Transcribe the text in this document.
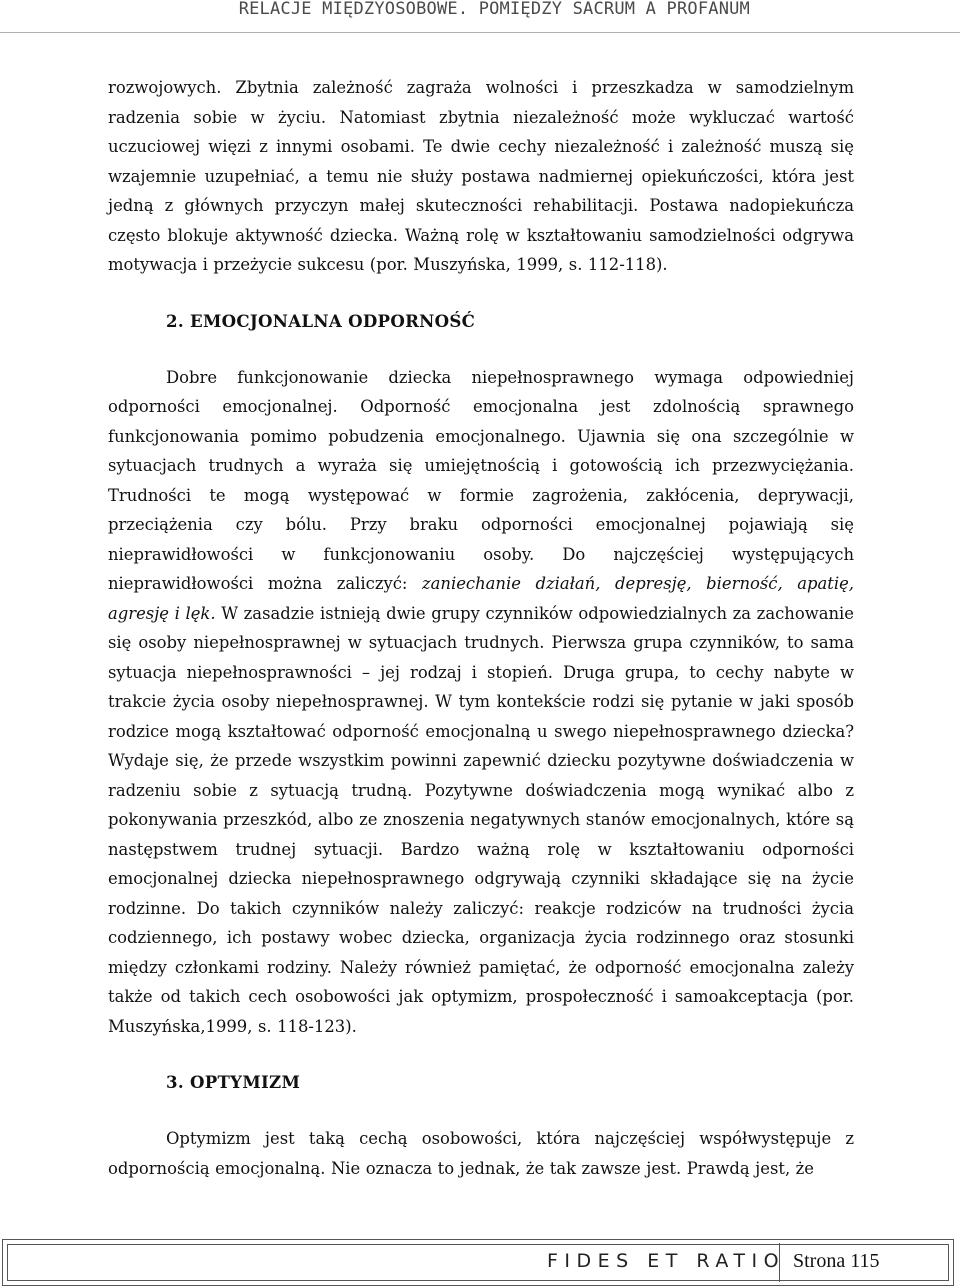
RELACJE MIĘDZYOSOBOWE. POMIĘDZY SACRUM A PROFANUM

rozwojowych. Zbytnia zależność zagraża wolności i przeszkadza w samodzielnym radzenia sobie w życiu. Natomiast zbytnia niezależność może wykluczać wartość uczuciowej więzi z innymi osobami. Te dwie cechy niezależność i zależność muszą się wzajemnie uzupełniać, a temu nie służy postawa nadmiernej opiekuńczości, która jest jedną z głównych przyczyn małej skuteczności rehabilitacji. Postawa nadopiekuńcza często blokuje aktywność dziecka. Ważną rolę w kształtowaniu samodzielności odgrywa motywacja i przeżycie sukcesu (por. Muszyńska, 1999, s. 112-118).

2. EMOCJONALNA ODPORNOŚĆ

Dobre funkcjonowanie dziecka niepełnosprawnego wymaga odpowiedniej odporności emocjonalnej. Odporność emocjonalna jest zdolnością sprawnego funkcjonowania pomimo pobudzenia emocjonalnego. Ujawnia się ona szczególnie w sytuacjach trudnych a wyraża się umiejętnością i gotowością ich przezwyciężania. Trudności te mogą występować w formie zagrożenia, zakłócenia, deprywacji, przeciążenia czy bólu. Przy braku odporności emocjonalnej pojawiają się nieprawidłowości w funkcjonowaniu osoby. Do najczęściej występujących nieprawidłowości można zaliczyć: zaniechanie działań, depresję, bierność, apatię, agresję i lęk. W zasadzie istnieją dwie grupy czynników odpowiedzialnych za zachowanie się osoby niepełnosprawnej w sytuacjach trudnych. Pierwsza grupa czynników, to sama sytuacja niepełnosprawności – jej rodzaj i stopień. Druga grupa, to cechy nabyte w trakcie życia osoby niepełnosprawnej. W tym kontekście rodzi się pytanie w jaki sposób rodzice mogą kształtować odporność emocjonalną u swego niepełnosprawnego dziecka? Wydaje się, że przede wszystkim powinni zapewnić dziecku pozytywne doświadczenia w radzeniu sobie z sytuacją trudną. Pozytywne doświadczenia mogą wynikać albo z pokonywania przeszkód, albo ze znoszenia negatywnych stanów emocjonalnych, które są następstwem trudnej sytuacji. Bardzo ważną rolę w kształtowaniu odporności emocjonalnej dziecka niepełnosprawnego odgrywają czynniki składające się na życie rodzinne. Do takich czynników należy zaliczyć: reakcje rodziców na trudności życia codziennego, ich postawy wobec dziecka, organizacja życia rodzinnego oraz stosunki między członkami rodziny. Należy również pamiętać, że odporność emocjonalna zależy także od takich cech osobowości jak optymizm, prospołeczność i samoakceptacja (por. Muszyńska,1999, s. 118-123).

3. OPTYMIZM

Optymizm jest taką cechą osobowości, która najczęściej współwystępuje z odpornością emocjonalną. Nie oznacza to jednak, że tak zawsze jest. Prawdą jest, że

FIDES ET RATIO Strona 115
